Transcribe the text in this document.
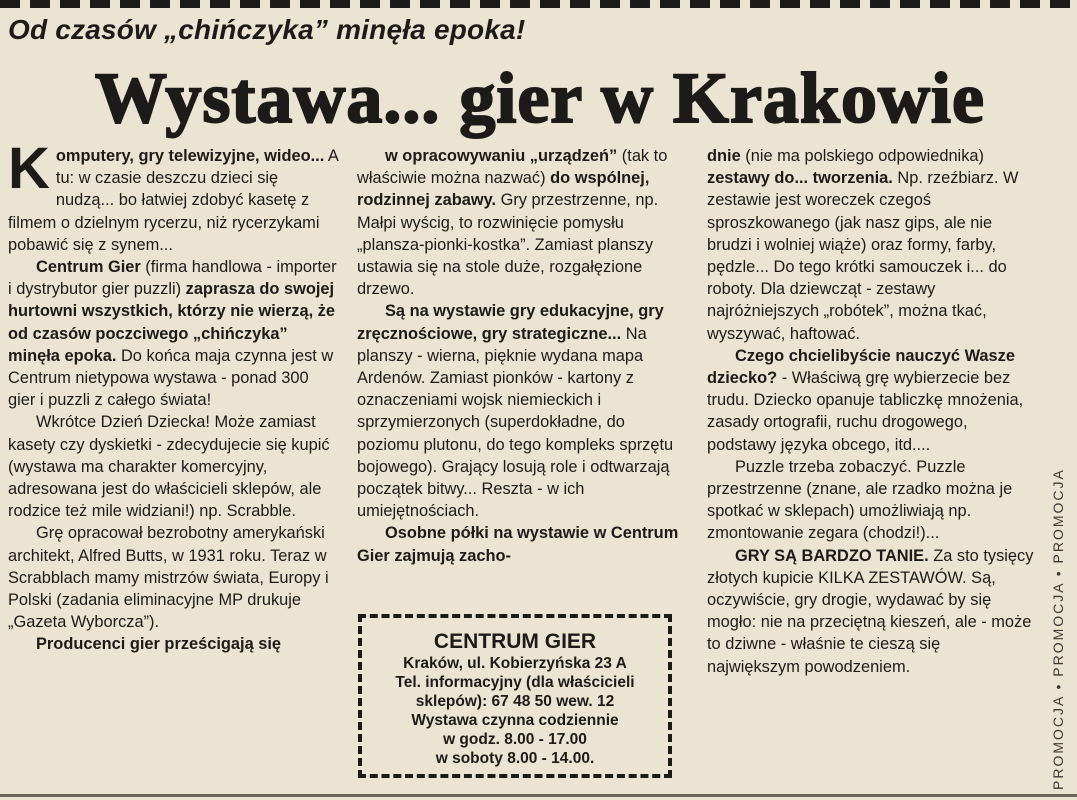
Od czasów „chińczyka” minęła epoka!
Wystawa... gier w Krakowie

Komputery, gry telewizyjne, wideo... A tu: w czasie deszczu dzieci się nudzą... bo łatwiej zdobyć kasetę z filmem o dzielnym rycerzu, niż rycerzykami pobawić się z synem...

Centrum Gier (firma handlowa - importer i dystrybutor gier puzzli) zaprasza do swojej hurtowni wszystkich, którzy nie wierzą, że od czasów poczciwego „chińczyka” minęła epoka. Do końca maja czynna jest w Centrum nietypowa wystawa - ponad 300 gier i puzzli z całego świata!

Wkrótce Dzień Dziecka! Może zamiast kasety czy dyskietki - zdecydujecie się kupić (wystawa ma charakter komercyjny, adresowana jest do właścicieli sklepów, ale rodzice też mile widziani!) np. Scrabble.

Grę opracował bezrobotny amerykański architekt, Alfred Butts, w 1931 roku. Teraz w Scrabblach mamy mistrzów świata, Europy i Polski (zadania eliminacyjne MP drukuje „Gazeta Wyborcza”).

Producenci gier prześcigają się

w opracowywaniu „urządzeń” (tak to właściwie można nazwać) do wspólnej, rodzinnej zabawy. Gry przestrzenne, np. Małpi wyścig, to rozwinięcie pomysłu „plansza-pionki-kostka”. Zamiast planszy ustawia się na stole duże, rozgałęzione drzewo.

Są na wystawie gry edukacyjne, gry zręcznościowe, gry strategiczne... Na planszy - wierna, pięknie wydana mapa Ardenów. Zamiast pionków - kartony z oznaczeniami wojsk niemieckich i sprzymierzonych (superdokładne, do poziomu plutonu, do tego kompleks sprzętu bojowego). Grający losują role i odtwarzają początek bitwy... Reszta - w ich umiejętnościach.

Osobne półki na wystawie w Centrum Gier zajmują zacho-

CENTRUM GIER
Kraków, ul. Kobierzyńska 23 A
Tel. informacyjny (dla właścicieli
sklepów): 67 48 50 wew. 12
Wystawa czynna codziennie
w godz. 8.00 - 17.00
w soboty 8.00 - 14.00.

dnie (nie ma polskiego odpowiednika) zestawy do... tworzenia. Np. rzeźbiarz. W zestawie jest woreczek czegoś sproszkowanego (jak nasz gips, ale nie brudzi i wolniej wiąże) oraz formy, farby, pędzle... Do tego krótki samouczek i... do roboty. Dla dziewcząt - zestawy najróżniejszych „robótek”, można tkać, wyszywać, haftować.

Czego chcielibyście nauczyć Wasze dziecko? - Właściwą grę wybierzecie bez trudu. Dziecko opanuje tabliczkę mnożenia, zasady ortografii, ruchu drogowego, podstawy języka obcego, itd....

Puzzle trzeba zobaczyć. Puzzle przestrzenne (znane, ale rzadko można je spotkać w sklepach) umożliwiają np. zmontowanie zegara (chodzi!)...

GRY SĄ BARDZO TANIE. Za sto tysięcy złotych kupicie KILKA ZESTAWÓW. Są, oczywiście, gry drogie, wydawać by się mogło: nie na przeciętną kieszeń, ale - może to dziwne - właśnie te cieszą się największym powodzeniem.	PROMOCJA • PROMOCJA • PROMOCJA
